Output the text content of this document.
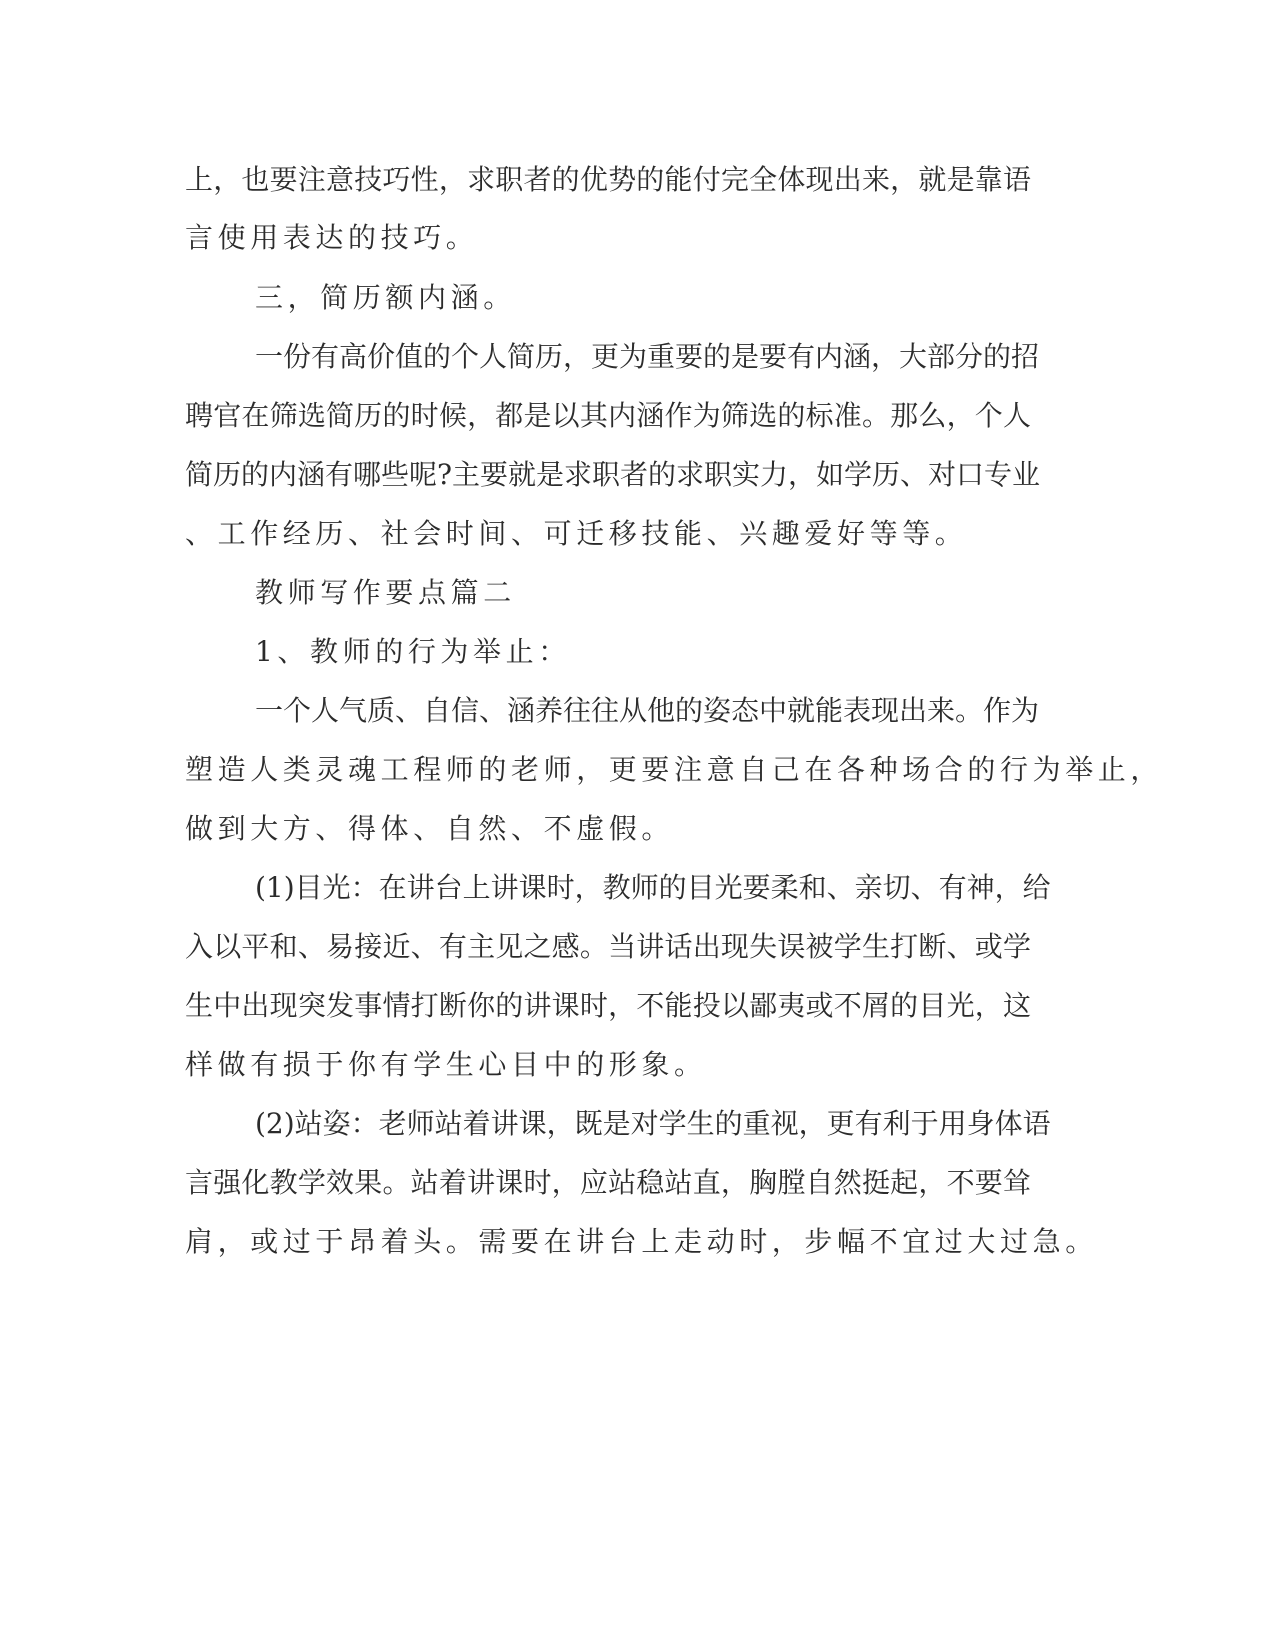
上，也要注意技巧性，求职者的优势的能付完全体现出来，就是靠语
言使用表达的技巧。
三，简历额内涵。
一份有高价值的个人简历，更为重要的是要有内涵，大部分的招
聘官在筛选简历的时候，都是以其内涵作为筛选的标准。那么，个人
简历的内涵有哪些呢?主要就是求职者的求职实力，如学历、对口专业
、工作经历、社会时间、可迁移技能、兴趣爱好等等。
教师写作要点篇二
1、教师的行为举止：
一个人气质、自信、涵养往往从他的姿态中就能表现出来。作为
塑造人类灵魂工程师的老师，更要注意自己在各种场合的行为举止，
做到大方、得体、自然、不虚假。
(1)目光：在讲台上讲课时，教师的目光要柔和、亲切、有神，给
入以平和、易接近、有主见之感。当讲话出现失误被学生打断、或学
生中出现突发事情打断你的讲课时，不能投以鄙夷或不屑的目光，这
样做有损于你有学生心目中的形象。
(2)站姿：老师站着讲课，既是对学生的重视，更有利于用身体语
言强化教学效果。站着讲课时，应站稳站直，胸膛自然挺起，不要耸
肩，或过于昂着头。需要在讲台上走动时，步幅不宜过大过急。
